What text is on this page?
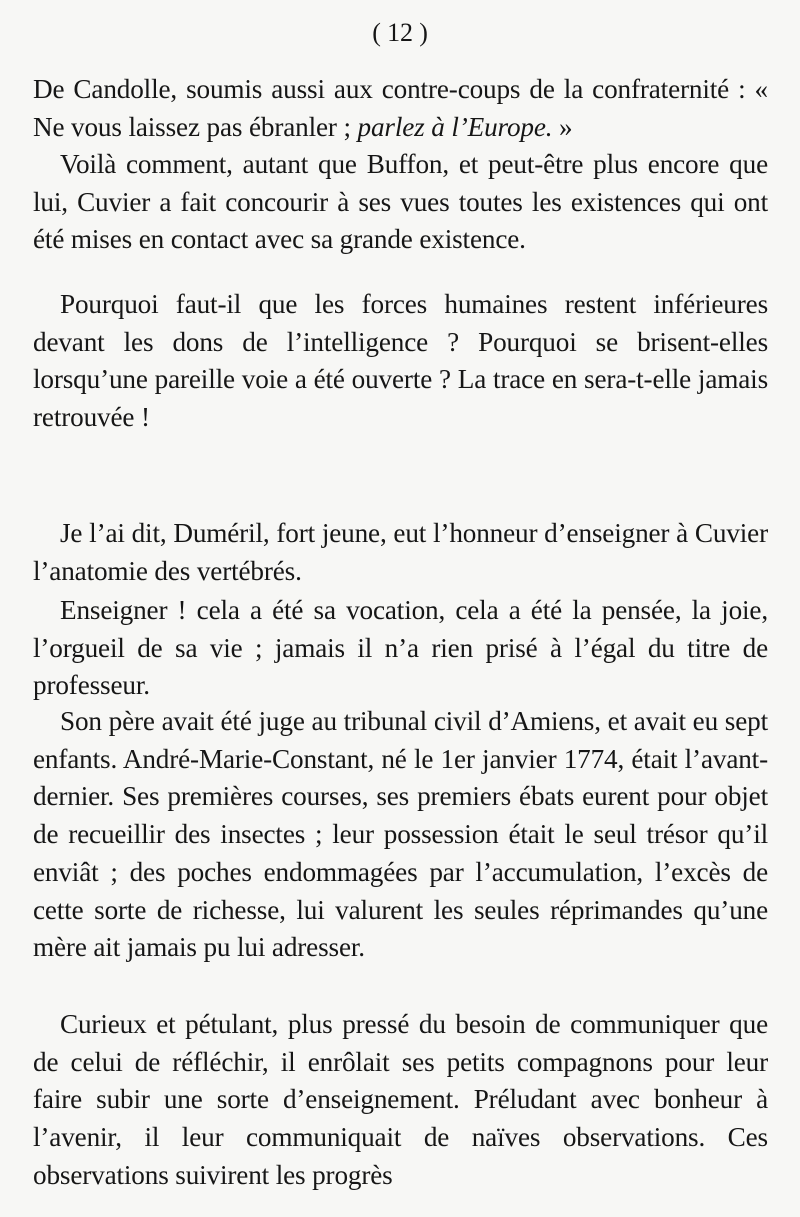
( 12 )

De Candolle, soumis aussi aux contre-coups de la confraternité : « Ne vous laissez pas ébranler ; parlez à l’Europe. »

Voilà comment, autant que Buffon, et peut-être plus encore que lui, Cuvier a fait concourir à ses vues toutes les existences qui ont été mises en contact avec sa grande existence.

Pourquoi faut-il que les forces humaines restent inférieures devant les dons de l’intelligence ? Pourquoi se brisent-elles lorsqu’une pareille voie a été ouverte ? La trace en sera-t-elle jamais retrouvée !

Je l’ai dit, Duméril, fort jeune, eut l’honneur d’enseigner à Cuvier l’anatomie des vertébrés.

Enseigner ! cela a été sa vocation, cela a été la pensée, la joie, l’orgueil de sa vie ; jamais il n’a rien prisé à l’égal du titre de professeur.

Son père avait été juge au tribunal civil d’Amiens, et avait eu sept enfants. André-Marie-Constant, né le 1er janvier 1774, était l’avant-dernier. Ses premières courses, ses premiers ébats eurent pour objet de recueillir des insectes ; leur possession était le seul trésor qu’il enviât ; des poches endommagées par l’accumulation, l’excès de cette sorte de richesse, lui valurent les seules réprimandes qu’une mère ait jamais pu lui adresser.

Curieux et pétulant, plus pressé du besoin de communiquer que de celui de réfléchir, il enrôlait ses petits compagnons pour leur faire subir une sorte d’enseignement. Préludant avec bonheur à l’avenir, il leur communiquait de naïves observations. Ces observations suivirent les progrès
